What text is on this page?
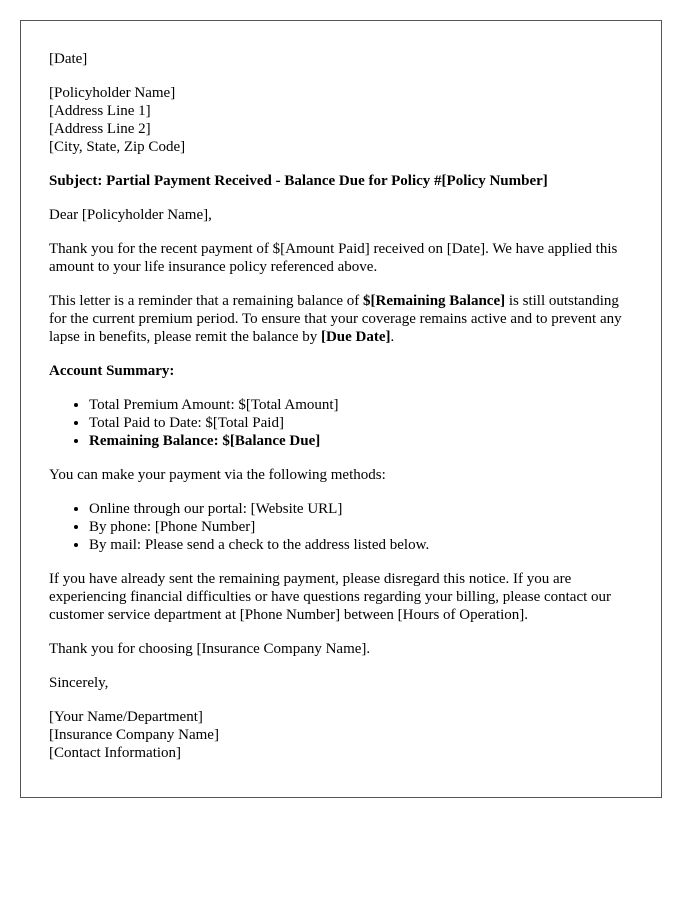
[Date]

[Policyholder Name]
[Address Line 1]
[Address Line 2]
[City, State, Zip Code]

Subject: Partial Payment Received - Balance Due for Policy #[Policy Number]

Dear [Policyholder Name],

Thank you for the recent payment of $[Amount Paid] received on [Date]. We have applied this amount to your life insurance policy referenced above.

This letter is a reminder that a remaining balance of $[Remaining Balance] is still outstanding for the current premium period. To ensure that your coverage remains active and to prevent any lapse in benefits, please remit the balance by [Due Date].

Account Summary:

• Total Premium Amount: $[Total Amount]
• Total Paid to Date: $[Total Paid]
• Remaining Balance: $[Balance Due]

You can make your payment via the following methods:

• Online through our portal: [Website URL]
• By phone: [Phone Number]
• By mail: Please send a check to the address listed below.

If you have already sent the remaining payment, please disregard this notice. If you are experiencing financial difficulties or have questions regarding your billing, please contact our customer service department at [Phone Number] between [Hours of Operation].

Thank you for choosing [Insurance Company Name].

Sincerely,

[Your Name/Department]
[Insurance Company Name]
[Contact Information]
